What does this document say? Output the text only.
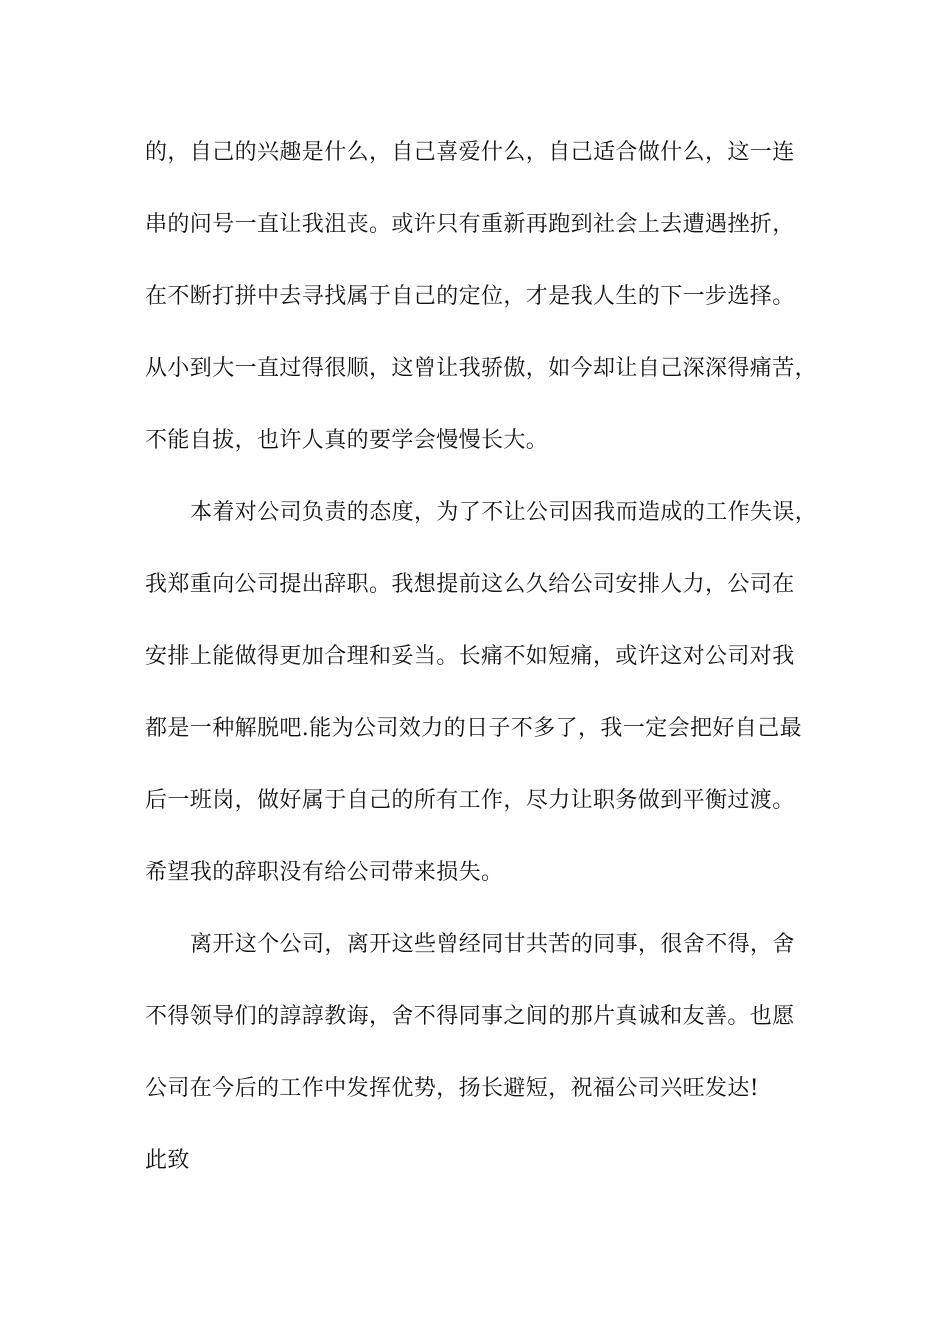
的，自己的兴趣是什么，自己喜爱什么，自己适合做什么，这一连
串的问号一直让我沮丧。或许只有重新再跑到社会上去遭遇挫折，
在不断打拼中去寻找属于自己的定位，才是我人生的下一步选择。
从小到大一直过得很顺，这曾让我骄傲，如今却让自己深深得痛苦，
不能自拔，也许人真的要学会慢慢长大。
本着对公司负责的态度，为了不让公司因我而造成的工作失误，
我郑重向公司提出辞职。我想提前这么久给公司安排人力，公司在
安排上能做得更加合理和妥当。长痛不如短痛，或许这对公司对我
都是一种解脱吧.能为公司效力的日子不多了，我一定会把好自己最
后一班岗，做好属于自己的所有工作，尽力让职务做到平衡过渡。
希望我的辞职没有给公司带来损失。
离开这个公司，离开这些曾经同甘共苦的同事，很舍不得，舍
不得领导们的諄諄教诲，舍不得同事之间的那片真诚和友善。也愿
公司在今后的工作中发挥优势，扬长避短，祝福公司兴旺发达!
此致
